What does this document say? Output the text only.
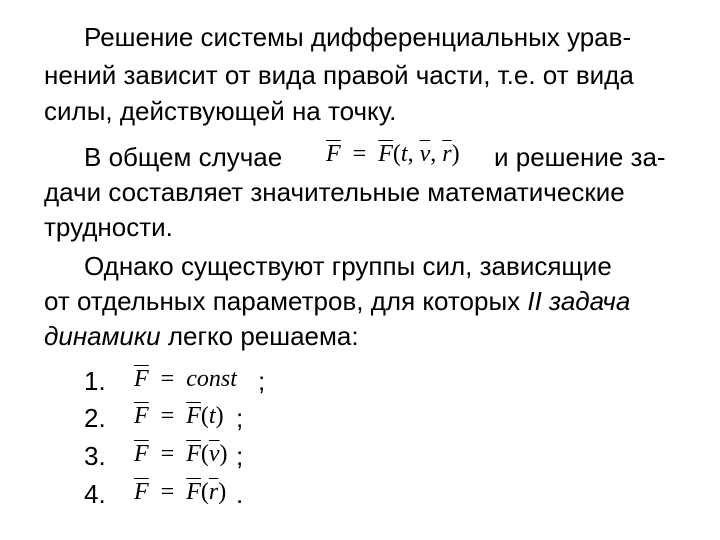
Решение системы дифференциальных урав-
нений зависит от вида правой части, т.е. от вида
силы, действующей на точку.
В общем случае $\overline{F} = \overline{F}(t$, $\overline{v}$, $\overline{r}$) и решение за-
дачи составляет значительные математические
трудности.
Однако существуют группы сил, зависящие
от отдельных параметров, для которых II задача
динамики легко решаема:
1. $\overline{F}$ = const ;
2. $\overline{F} = \overline{F}(t)$ ;
3. $\overline{F} = \overline{F}(\overline{v})$ ;
4. $\overline{F} = \overline{F}(\overline{r})$ .
